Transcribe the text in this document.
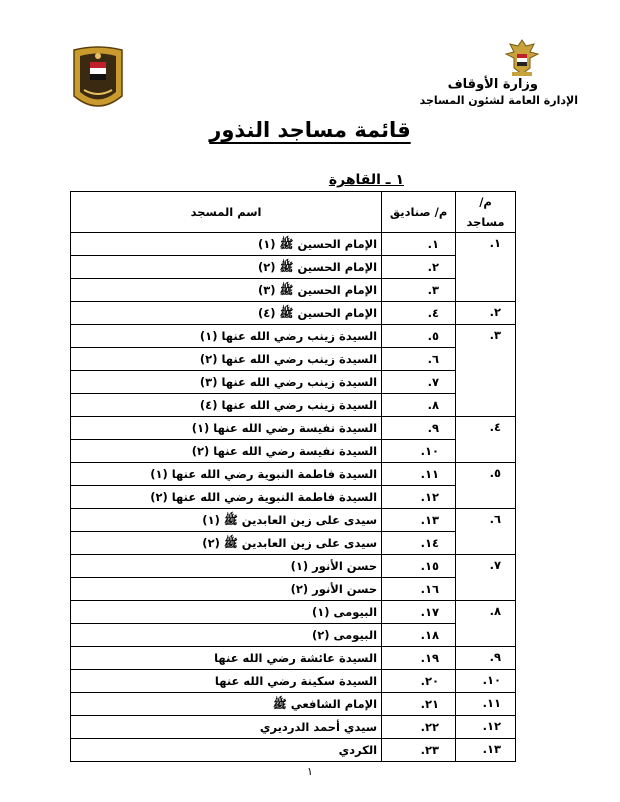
وزارة الأوقاف
الإدارة العامة لشئون المساجد
قائمة مساجد النذور
١ ـ القاهرة
م/ مساجد	م/ صناديق	اسم المسجد
١.	١.	الإمام الحسين ﷺ (١)
	٢.	الإمام الحسين ﷺ (٢)
	٣.	الإمام الحسين ﷺ (٣)
٢.	٤.	الإمام الحسين ﷺ (٤)
٣.	٥.	السيدة زينب رضي الله عنها (١)
	٦.	السيدة زينب رضي الله عنها (٢)
	٧.	السيدة زينب رضي الله عنها (٣)
	٨.	السيدة زينب رضي الله عنها (٤)
٤.	٩.	السيدة نفيسة رضي الله عنها (١)
	١٠.	السيدة نفيسة رضي الله عنها (٢)
٥.	١١.	السيدة فاطمة النبوية رضي الله عنها (١)
	١٢.	السيدة فاطمة النبوية رضي الله عنها (٢)
٦.	١٣.	سيدى على زين العابدين ﷺ (١)
	١٤.	سيدى على زين العابدين ﷺ (٢)
٧.	١٥.	حسن الأنور (١)
	١٦.	حسن الأنور (٢)
٨.	١٧.	البيومى (١)
	١٨.	البيومى (٢)
٩.	١٩.	السيدة عائشة رضي الله عنها
١٠.	٢٠.	السيدة سكينة رضي الله عنها
١١.	٢١.	الإمام الشافعي ﷺ
١٢.	٢٢.	سيدي أحمد الدرديري
١٣.	٢٣.	الكردي
١
